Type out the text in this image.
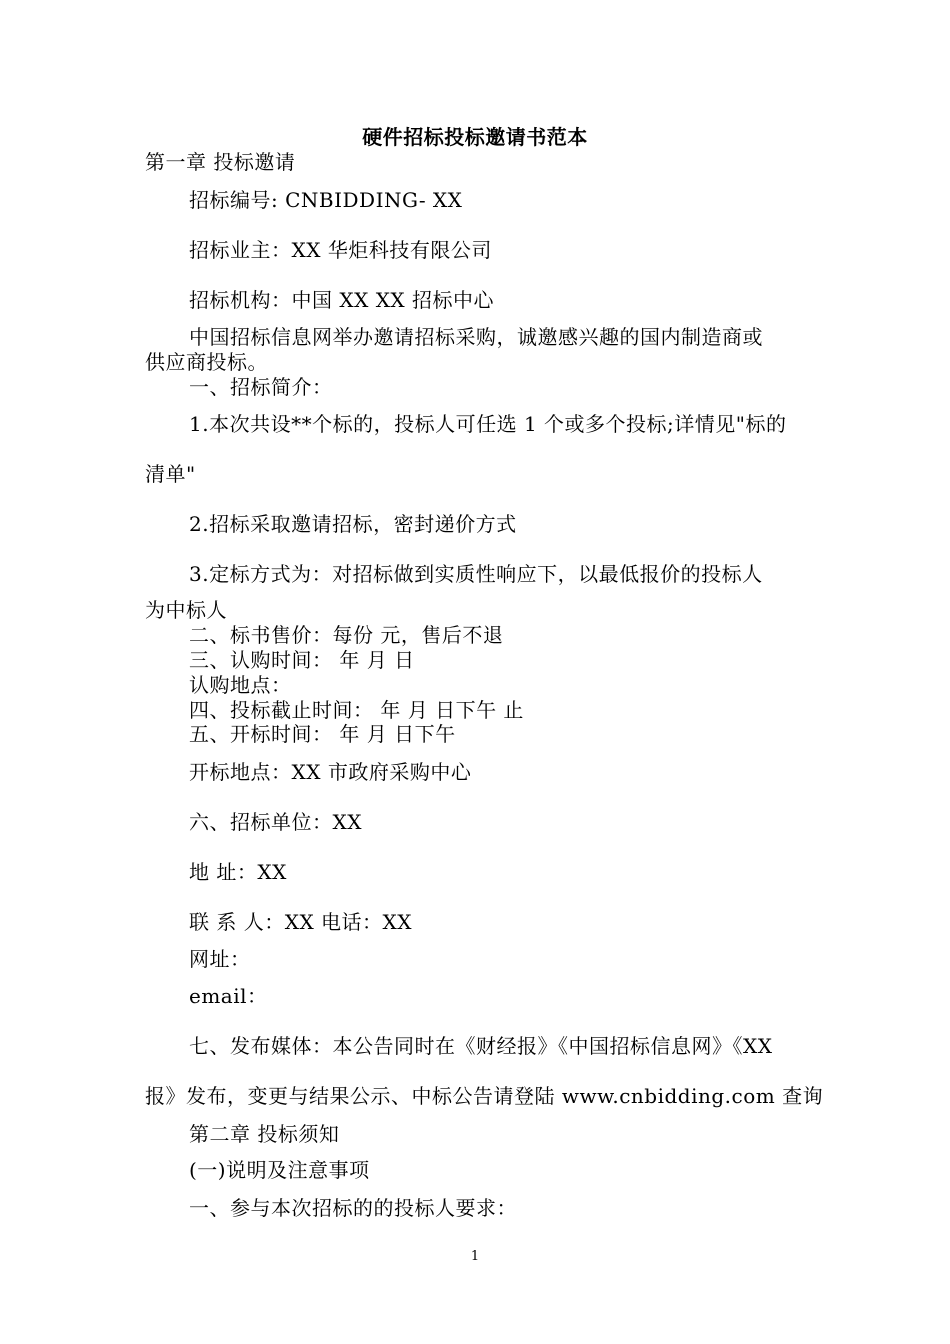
硬件招标投标邀请书范本
第一章 投标邀请
招标编号: CNBIDDING- XX
招标业主：XX 华炬科技有限公司
招标机构：中国 XX XX 招标中心
中国招标信息网举办邀请招标采购，诚邀感兴趣的国内制造商或
供应商投标。
一、招标简介：
1.本次共设**个标的，投标人可任选 1 个或多个投标;详情见"标的
清单"
2.招标采取邀请招标，密封递价方式
3.定标方式为：对招标做到实质性响应下，以最低报价的投标人
为中标人
二、标书售价：每份 元，售后不退
三、认购时间： 年 月 日
认购地点：
四、投标截止时间： 年 月 日下午 止
五、开标时间： 年 月 日下午
开标地点：XX 市政府采购中心
六、招标单位：XX
地 址：XX
联 系 人：XX 电话：XX
网址：
email：
七、发布媒体：本公告同时在《财经报》《中国招标信息网》《XX
报》发布，变更与结果公示、中标公告请登陆 www.cnbidding.com 查询
第二章 投标须知
(一)说明及注意事项
一、参与本次招标的的投标人要求：
1
